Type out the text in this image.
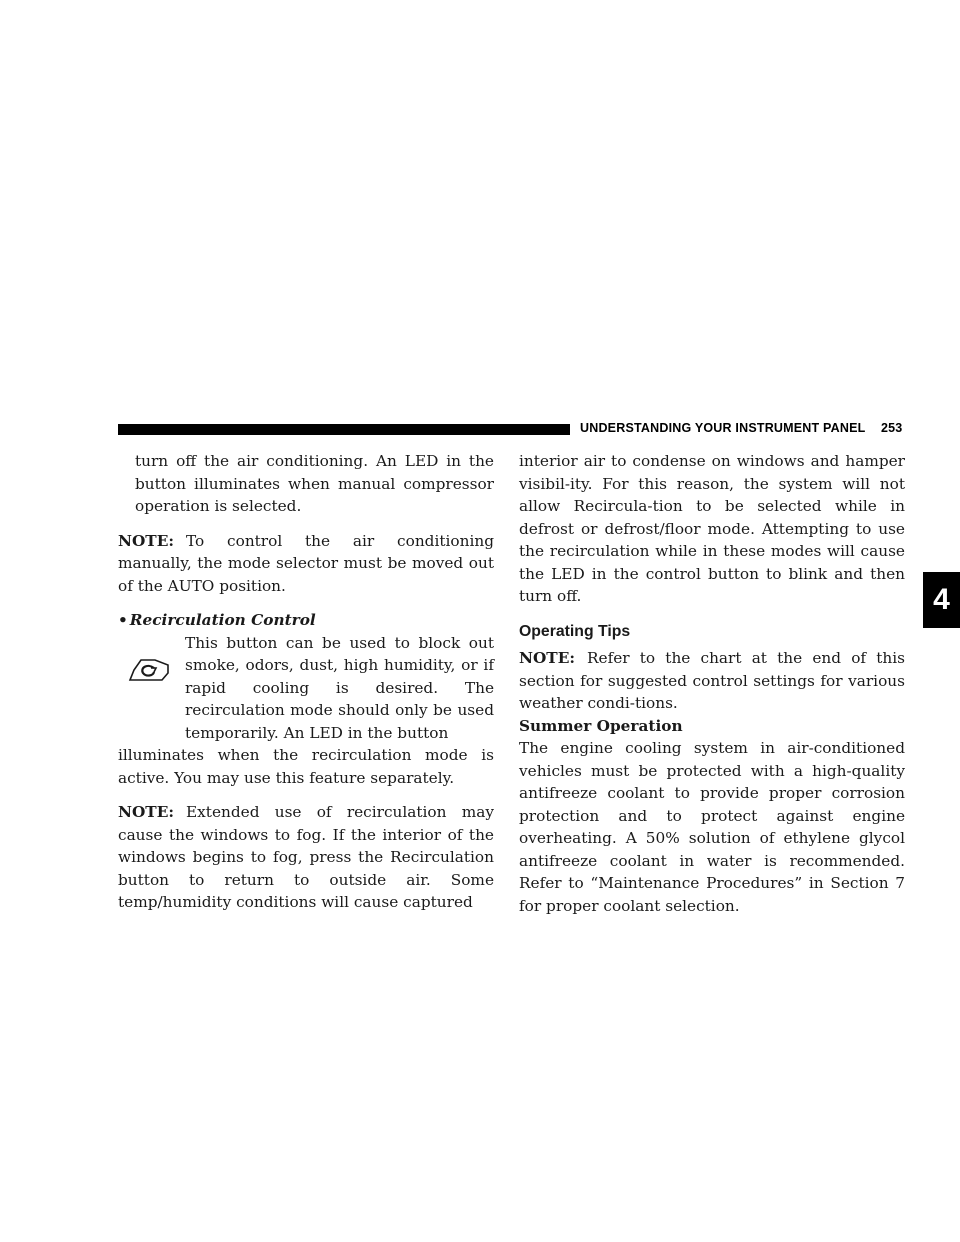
UNDERSTANDING YOUR INSTRUMENT PANEL 253
4

turn off the air conditioning. An LED in the button illuminates when manual compressor operation is selected.

NOTE: To control the air conditioning manually, the mode selector must be moved out of the AUTO position.

• Recirculation Control

This button can be used to block out smoke, odors, dust, high humidity, or if rapid cooling is desired. The recirculation mode should only be used temporarily. An LED in the button

illuminates when the recirculation mode is active. You may use this feature separately.

NOTE: Extended use of recirculation may cause the windows to fog. If the interior of the windows begins to fog, press the Recirculation button to return to outside air. Some temp/humidity conditions will cause captured

interior air to condense on windows and hamper visibil-ity. For this reason, the system will not allow Recircula-tion to be selected while in defrost or defrost/floor mode. Attempting to use the recirculation while in these modes will cause the LED in the control button to blink and then turn off.

Operating Tips

NOTE: Refer to the chart at the end of this section for suggested control settings for various weather condi-tions.

Summer Operation

The engine cooling system in air-conditioned vehicles must be protected with a high-quality antifreeze coolant to provide proper corrosion protection and to protect against engine overheating. A 50% solution of ethylene glycol antifreeze coolant in water is recommended. Refer to “Maintenance Procedures” in Section 7 for proper coolant selection.
